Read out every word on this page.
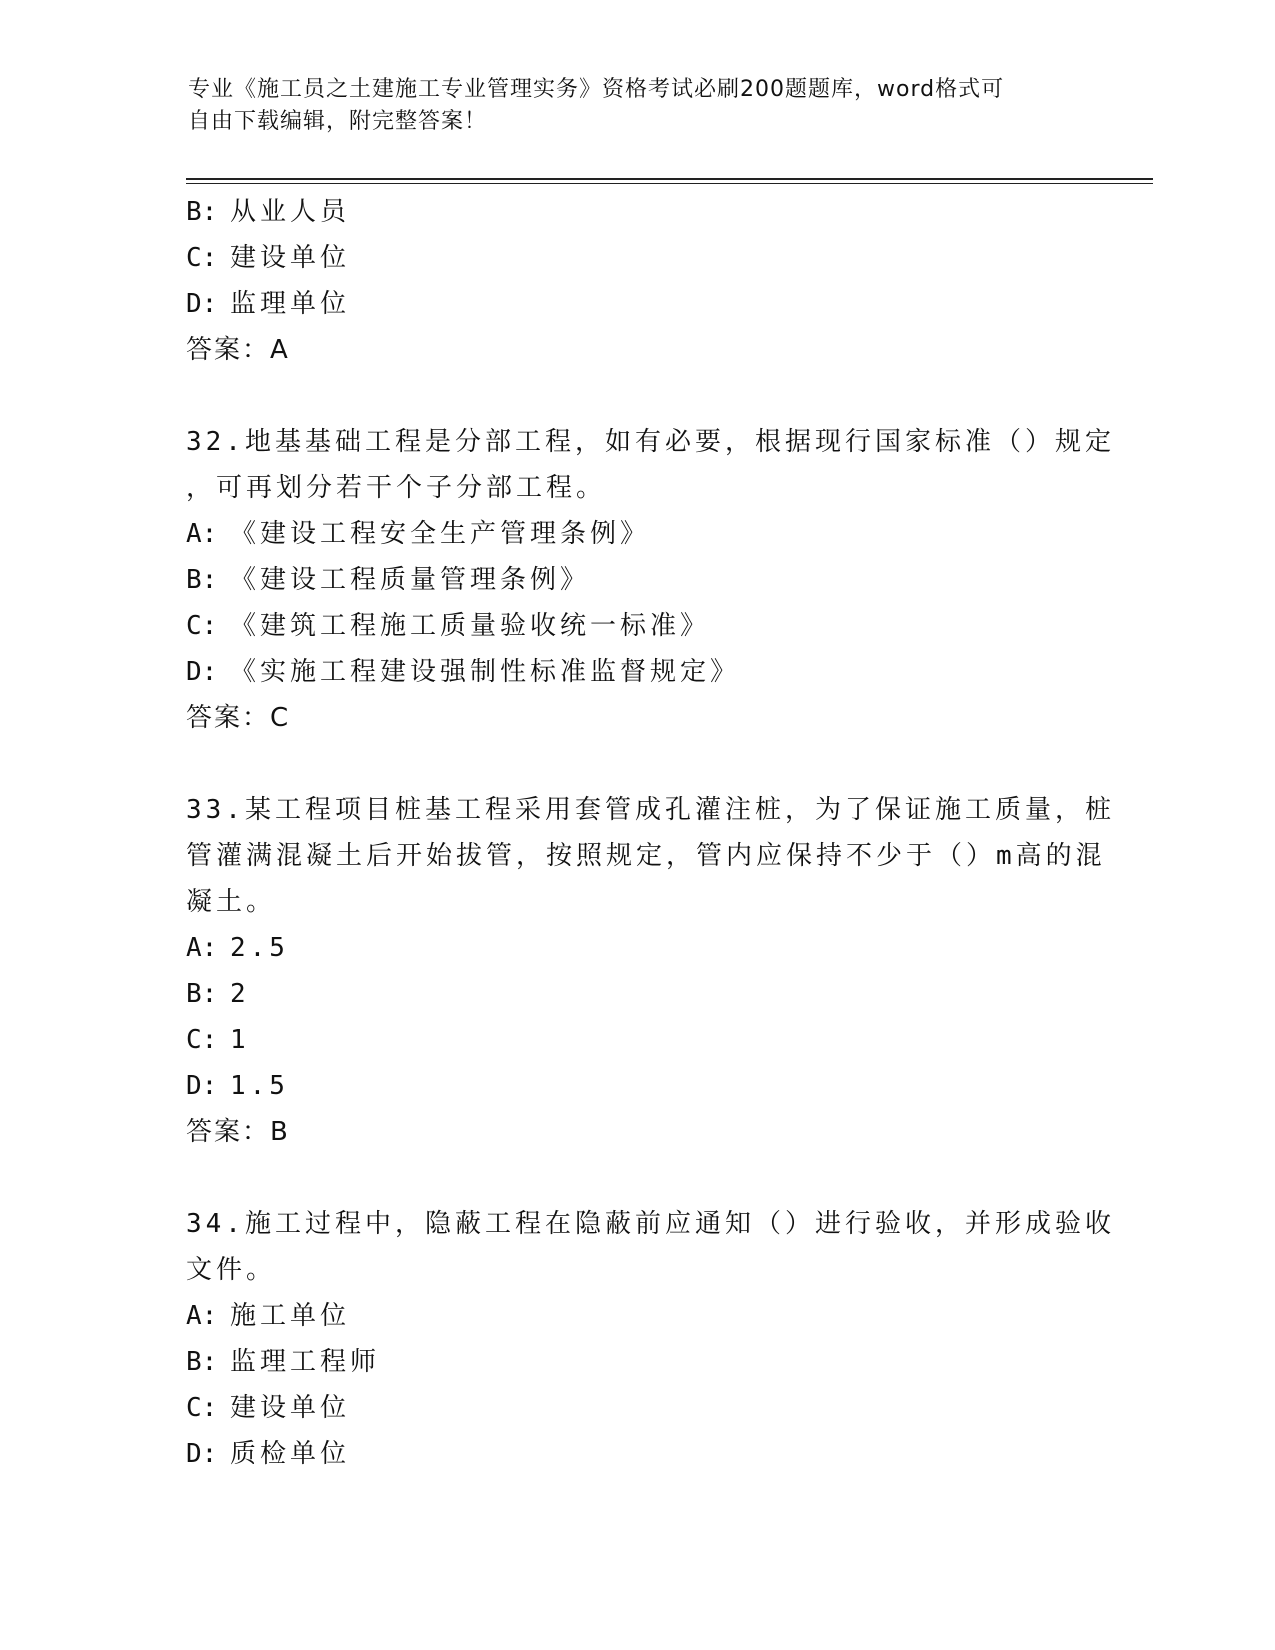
专业《施工员之土建施工专业管理实务》资格考试必刷200题题库，word格式可
自由下载编辑，附完整答案！
B: 从业人员
C: 建设单位
D: 监理单位
答案：A
32.地基基础工程是分部工程，如有必要，根据现行国家标准（）规定
，可再划分若干个子分部工程。
A: 《建设工程安全生产管理条例》
B: 《建设工程质量管理条例》
C: 《建筑工程施工质量验收统一标准》
D: 《实施工程建设强制性标准监督规定》
答案：C
33.某工程项目桩基工程采用套管成孔灌注桩，为了保证施工质量，桩
管灌满混凝土后开始拔管，按照规定，管内应保持不少于（）m高的混
凝土。
A: 2.5
B: 2
C: 1
D: 1.5
答案：B
34.施工过程中，隐蔽工程在隐蔽前应通知（）进行验收，并形成验收
文件。
A: 施工单位
B: 监理工程师
C: 建设单位
D: 质检单位
